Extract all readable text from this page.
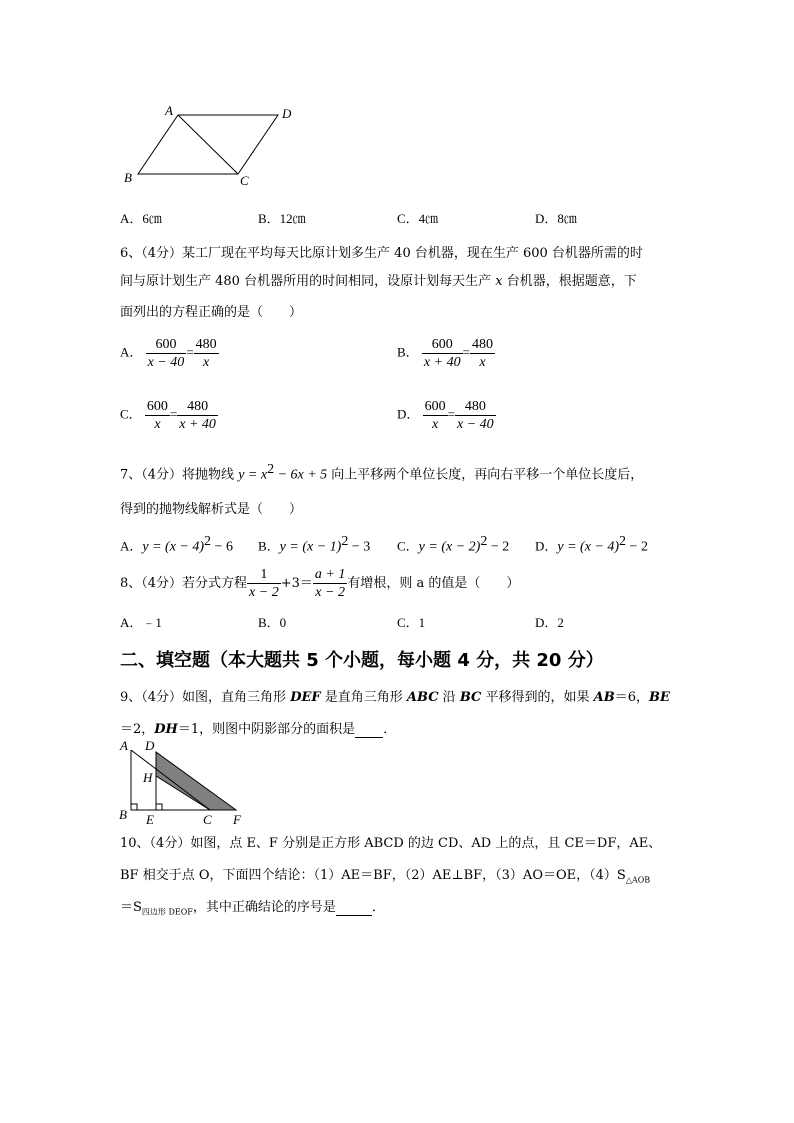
A	D
B	C
A．6㎝	B．12㎝	C．4㎝	D．8㎝
6、（4分）某工厂现在平均每天比原计划多生产 40 台机器，现在生产 600 台机器所需的时
间与原计划生产 480 台机器所用的时间相同，设原计划每天生产 x 台机器，根据题意，下
面列出的方程正确的是（　　）
A． $\frac{600}{x - 40} = \frac{480}{x}$	B． $\frac{600}{x + 40} = \frac{480}{x}$
C． $\frac{600}{x} = \frac{480}{x + 40}$	D． $\frac{600}{x} = \frac{480}{x - 40}$
7、（4分）将抛物线 $y = x^2 - 6x + 5$ 向上平移两个单位长度，再向右平移一个单位长度后，
得到的抛物线解析式是（　　）
A．$y = (x - 4)^2 - 6$ B．$y = (x - 1)^2 - 3$ C．$y = (x - 2)^2 - 2$ D．$y = (x - 4)^2 - 2$
8、（4分）若分式方程 $\frac{1}{x - 2} +3= \frac{a + 1}{x - 2}$ 有增根，则 a 的值是（　　）
A．﹣1	B．0	C．1	D．2
二、填空题（本大题共 5 个小题，每小题 4 分，共 20 分）
9、（4分）如图，直角三角形 DEF 是直角三角形 ABC 沿 BC 平移得到的，如果 AB＝6，BE
＝2，DH＝1，则图中阴影部分的面积是 ．
A D
H
B E	C F
10、（4分）如图，点 E、F 分别是正方形 ABCD 的边 CD、AD 上的点，且 CE＝DF，AE、
BF 相交于点 O，下面四个结论：（1）AE＝BF，（2）AE⊥BF，（3）AO＝OE，$(4)S_{\triangle AOB}$
$=S_{四边形 DEOF}$，其中正确结论的序号是	．
